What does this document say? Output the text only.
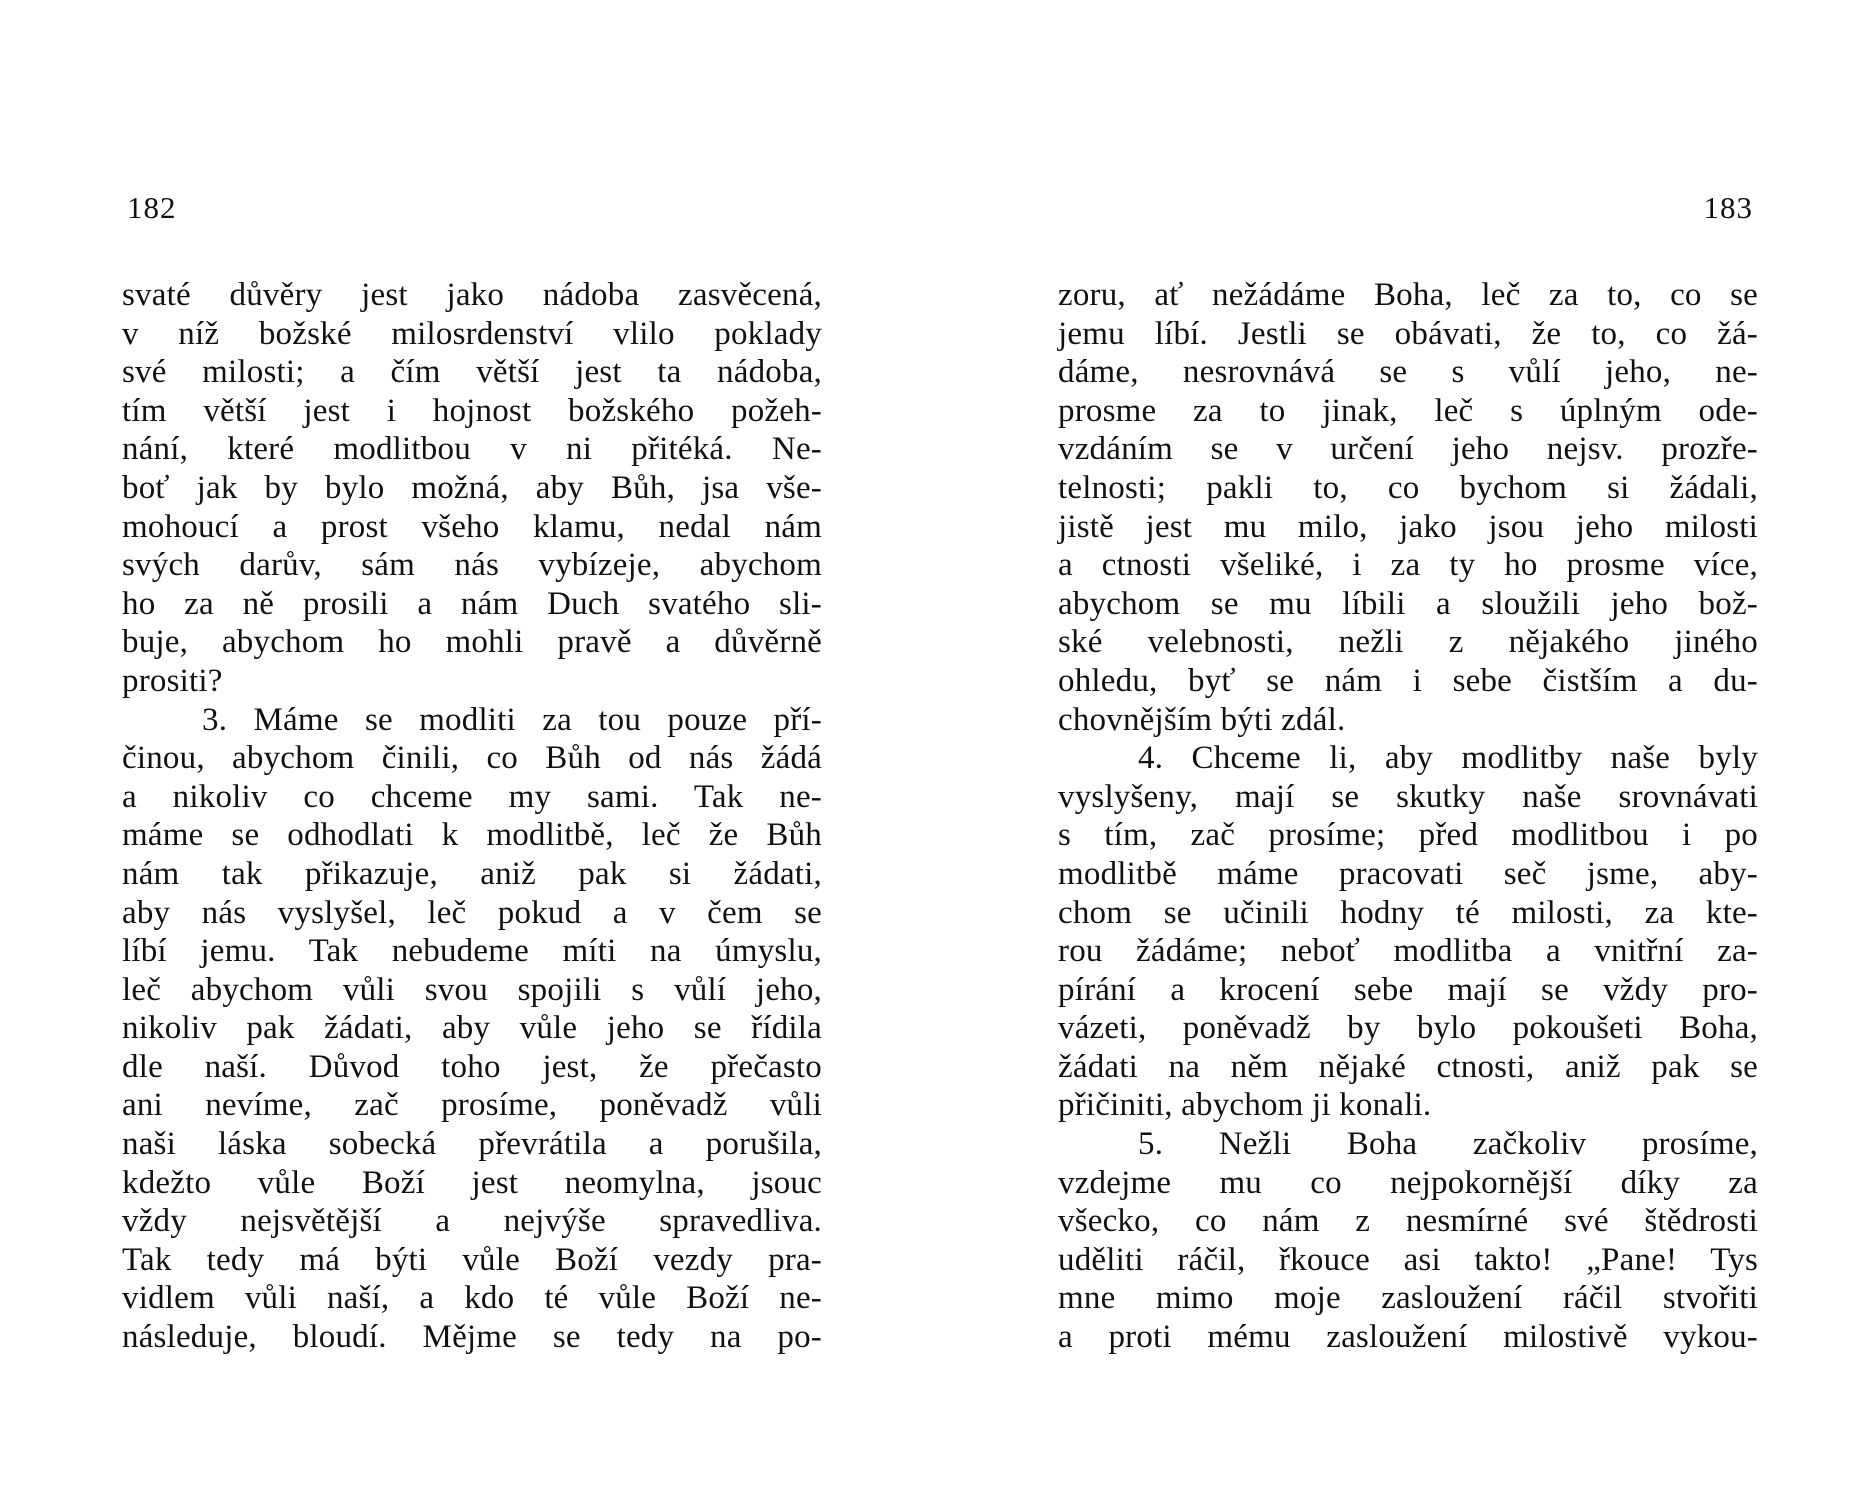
182
svaté důvěry jest jako nádoba zasvěcená,
v níž božské milosrdenství vlilo poklady
své milosti; a čím větší jest ta nádoba,
tím větší jest i hojnost božského požeh-
nání, které modlitbou v ni přitéká. Ne-
boť jak by bylo možná, aby Bůh, jsa vše-
mohoucí a prost všeho klamu, nedal nám
svých darův, sám nás vybízeje, abychom
ho za ně prosili a nám Duch svatého sli-
buje, abychom ho mohli pravě a důvěrně
prositi?
3. Máme se modliti za tou pouze pří-
činou, abychom činili, co Bůh od nás žádá
a nikoliv co chceme my sami. Tak ne-
máme se odhodlati k modlitbě, leč že Bůh
nám tak přikazuje, aniž pak si žádati,
aby nás vyslyšel, leč pokud a v čem se
líbí jemu. Tak nebudeme míti na úmyslu,
leč abychom vůli svou spojili s vůlí jeho,
nikoliv pak žádati, aby vůle jeho se řídila
dle naší. Důvod toho jest, že přečasto
ani nevíme, zač prosíme, poněvadž vůli
naši láska sobecká převrátila a porušila,
kdežto vůle Boží jest neomylna, jsouc
vždy nejsvětější a nejvýše spravedliva.
Tak tedy má býti vůle Boží vezdy pra-
vidlem vůli naší, a kdo té vůle Boží ne-
následuje, bloudí. Mějme se tedy na po-
183
zoru, ať nežádáme Boha, leč za to, co se
jemu líbí. Jestli se obávati, že to, co žá-
dáme, nesrovnává se s vůlí jeho, ne-
prosme za to jinak, leč s úplným ode-
vzdáním se v určení jeho nejsv. prozře-
telnosti; pakli to, co bychom si žádali,
jistě jest mu milo, jako jsou jeho milosti
a ctnosti všeliké, i za ty ho prosme více,
abychom se mu líbili a sloužili jeho bož-
ské velebnosti, nežli z nějakého jiného
ohledu, byť se nám i sebe čistším a du-
chovnějším býti zdál.
4. Chceme li, aby modlitby naše byly
vyslyšeny, mají se skutky naše srovnávati
s tím, zač prosíme; před modlitbou i po
modlitbě máme pracovati seč jsme, aby-
chom se učinili hodny té milosti, za kte-
rou žádáme; neboť modlitba a vnitřní za-
pírání a krocení sebe mají se vždy pro-
vázeti, poněvadž by bylo pokoušeti Boha,
žádati na něm nějaké ctnosti, aniž pak se
přičiniti, abychom ji konali.
5. Nežli Boha začkoliv prosíme,
vzdejme mu co nejpokornější díky za
všecko, co nám z nesmírné své štědrosti
uděliti ráčil, řkouce asi takto! „Pane! Tys
mne mimo moje zasloužení ráčil stvořiti
a proti mému zasloužení milostivě vykou-
